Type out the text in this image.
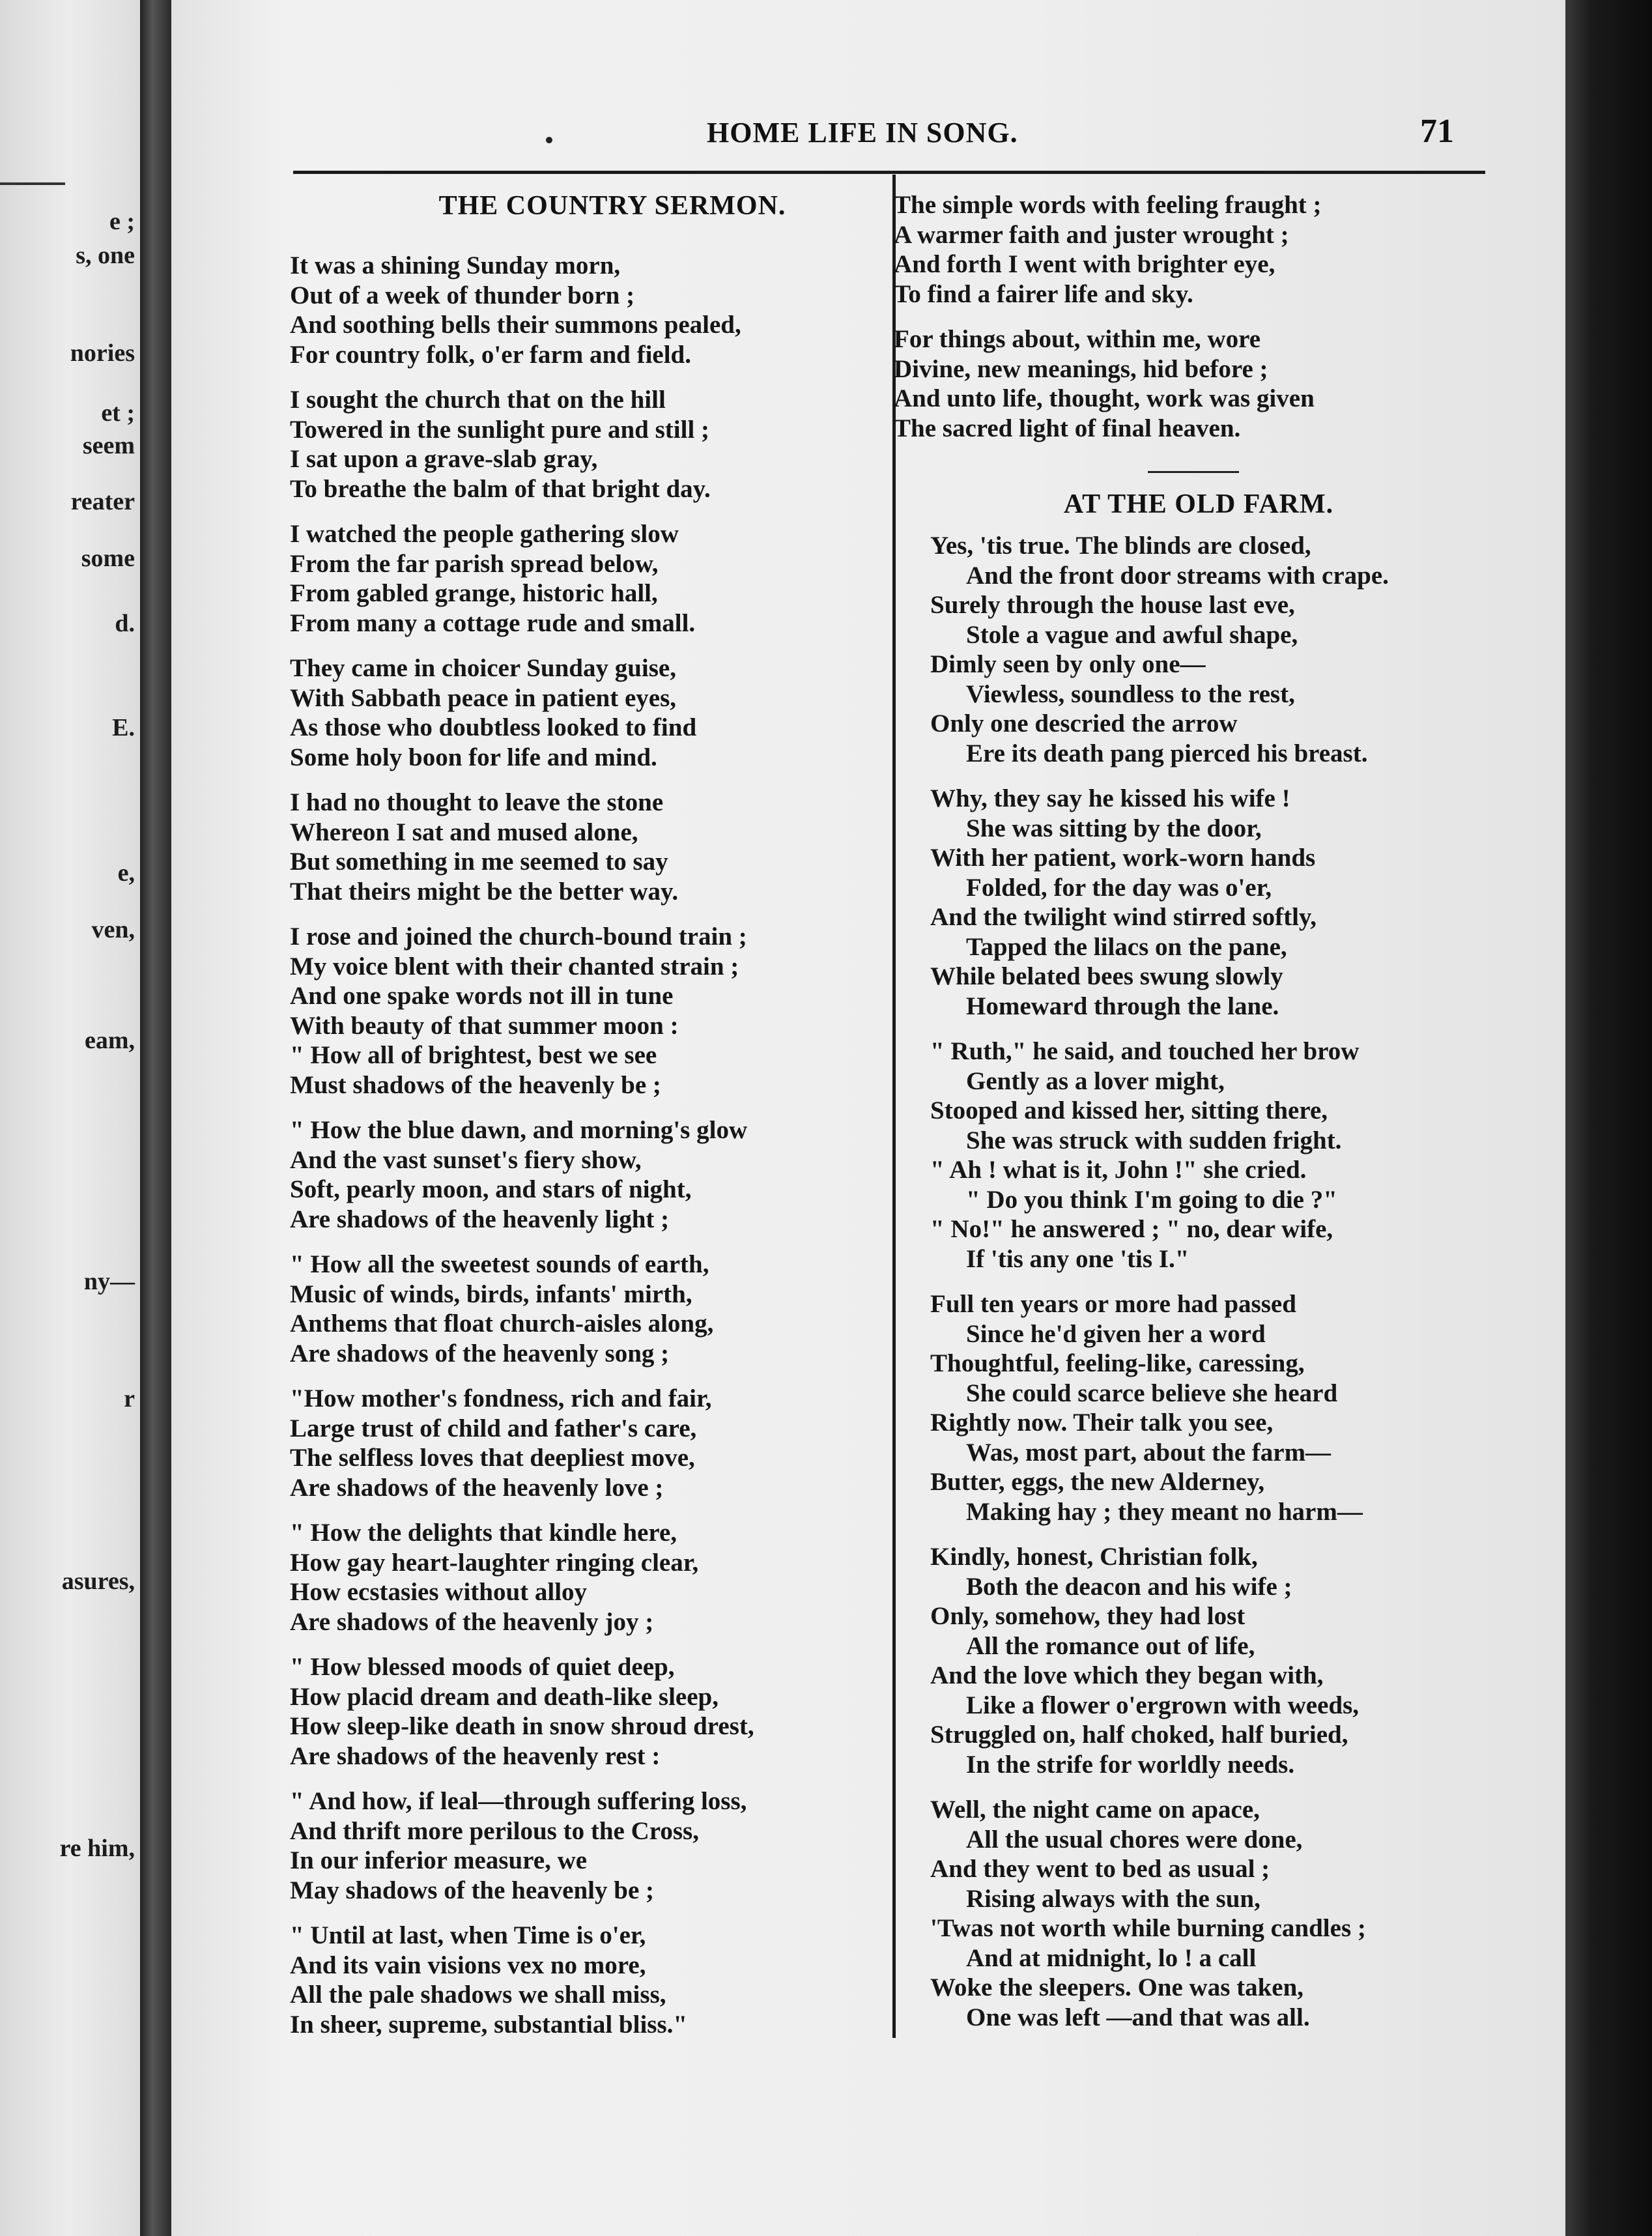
e ;
s, one
nories
et ;
seem
reater
some
d.
E.
e,
ven,
eam,
ny—
r
asures,
re him,
HOME LIFE IN SONG.	71
THE COUNTRY SERMON.
It was a shining Sunday morn,
Out of a week of thunder born ;
And soothing bells their summons pealed,
For country folk, o'er farm and field.
I sought the church that on the hill
Towered in the sunlight pure and still ;
I sat upon a grave-slab gray,
To breathe the balm of that bright day.
I watched the people gathering slow
From the far parish spread below,
From gabled grange, historic hall,
From many a cottage rude and small.
They came in choicer Sunday guise,
With Sabbath peace in patient eyes,
As those who doubtless looked to find
Some holy boon for life and mind.
I had no thought to leave the stone
Whereon I sat and mused alone,
But something in me seemed to say
That theirs might be the better way.
I rose and joined the church-bound train ;
My voice blent with their chanted strain ;
And one spake words not ill in tune
With beauty of that summer moon :
" How all of brightest, best we see
Must shadows of the heavenly be ;
" How the blue dawn, and morning's glow
And the vast sunset's fiery show,
Soft, pearly moon, and stars of night,
Are shadows of the heavenly light ;
" How all the sweetest sounds of earth,
Music of winds, birds, infants' mirth,
Anthems that float church-aisles along,
Are shadows of the heavenly song ;
"How mother's fondness, rich and fair,
Large trust of child and father's care,
The selfless loves that deepliest move,
Are shadows of the heavenly love ;
" How the delights that kindle here,
How gay heart-laughter ringing clear,
How ecstasies without alloy
Are shadows of the heavenly joy ;
" How blessed moods of quiet deep,
How placid dream and death-like sleep,
How sleep-like death in snow shroud drest,
Are shadows of the heavenly rest :
" And how, if leal—through suffering loss,
And thrift more perilous to the Cross,
In our inferior measure, we
May shadows of the heavenly be ;
" Until at last, when Time is o'er,
And its vain visions vex no more,
All the pale shadows we shall miss,
In sheer, supreme, substantial bliss."
The simple words with feeling fraught ;
A warmer faith and juster wrought ;
And forth I went with brighter eye,
To find a fairer life and sky.
For things about, within me, wore
Divine, new meanings, hid before ;
And unto life, thought, work was given
The sacred light of final heaven.
AT THE OLD FARM.
Yes, 'tis true. The blinds are closed,
And the front door streams with crape.
Surely through the house last eve,
Stole a vague and awful shape,
Dimly seen by only one—
Viewless, soundless to the rest,
Only one descried the arrow
Ere its death pang pierced his breast.
Why, they say he kissed his wife !
She was sitting by the door,
With her patient, work-worn hands
Folded, for the day was o'er,
And the twilight wind stirred softly,
Tapped the lilacs on the pane,
While belated bees swung slowly
Homeward through the lane.
" Ruth," he said, and touched her brow
Gently as a lover might,
Stooped and kissed her, sitting there,
She was struck with sudden fright.
" Ah ! what is it, John !" she cried.
" Do you think I'm going to die ?"
" No!" he answered ; " no, dear wife,
If 'tis any one 'tis I."
Full ten years or more had passed
Since he'd given her a word
Thoughtful, feeling-like, caressing,
She could scarce believe she heard
Rightly now. Their talk you see,
Was, most part, about the farm—
Butter, eggs, the new Alderney,
Making hay ; they meant no harm—
Kindly, honest, Christian folk,
Both the deacon and his wife ;
Only, somehow, they had lost
All the romance out of life,
And the love which they began with,
Like a flower o'ergrown with weeds,
Struggled on, half choked, half buried,
In the strife for worldly needs.
Well, the night came on apace,
All the usual chores were done,
And they went to bed as usual ;
Rising always with the sun,
'Twas not worth while burning candles ;
And at midnight, lo ! a call
Woke the sleepers. One was taken,
One was left —and that was all.
